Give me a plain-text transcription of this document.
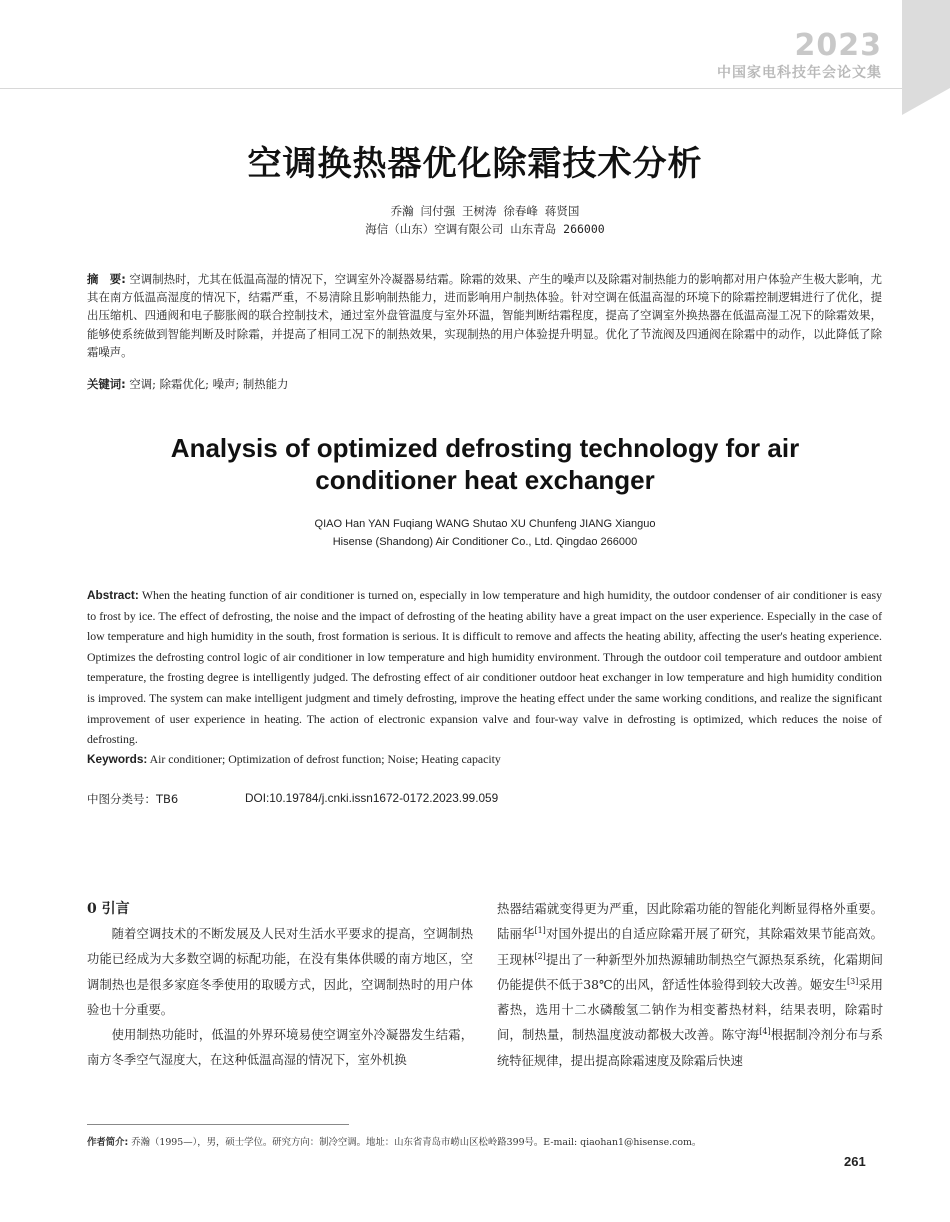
2023
中国家电科技年会论文集
空调换热器优化除霜技术分析
乔瀚 闫付强 王树涛 徐春峰 蒋贤国
海信（山东）空调有限公司 山东青岛 266000
摘　要: 空调制热时，尤其在低温高湿的情况下，空调室外冷凝器易结霜。除霜的效果、产生的噪声以及除霜对制热能力的影响都对用户体验产生极大影响，尤其在南方低温高湿度的情况下，结霜严重，不易清除且影响制热能力，进而影响用户制热体验。针对空调在低温高湿的环境下的除霜控制逻辑进行了优化，提出压缩机、四通阀和电子膨胀阀的联合控制技术，通过室外盘管温度与室外环温，智能判断结霜程度，提高了空调室外换热器在低温高湿工况下的除霜效果，能够使系统做到智能判断及时除霜，并提高了相同工况下的制热效果，实现制热的用户体验提升明显。优化了节流阀及四通阀在除霜中的动作，以此降低了除霜噪声。
关键词: 空调; 除霜优化; 噪声; 制热能力
Analysis of optimized defrosting technology for air
conditioner heat exchanger
QIAO Han YAN Fuqiang WANG Shutao XU Chunfeng JIANG Xianguo
Hisense (Shandong) Air Conditioner Co., Ltd. Qingdao 266000
Abstract: When the heating function of air conditioner is turned on, especially in low temperature and high humidity, the outdoor condenser of air conditioner is easy to frost by ice. The effect of defrosting, the noise and the impact of defrosting of the heating ability have a great impact on the user experience. Especially in the case of low temperature and high humidity in the south, frost formation is serious. It is difficult to remove and affects the heating ability, affecting the user's heating experience. Optimizes the defrosting control logic of air conditioner in low temperature and high humidity environment. Through the outdoor coil temperature and outdoor ambient temperature, the frosting degree is intelligently judged. The defrosting effect of air conditioner outdoor heat exchanger in low temperature and high humidity condition is improved. The system can make intelligent judgment and timely defrosting, improve the heating effect under the same working conditions, and realize the significant improvement of user experience in heating. The action of electronic expansion valve and four-way valve in defrosting is optimized, which reduces the noise of defrosting.
Keywords: Air conditioner; Optimization of defrost function; Noise; Heating capacity
中图分类号：TB6	DOI:10.19784/j.cnki.issn1672-0172.2023.99.059
0 引言

随着空调技术的不断发展及人民对生活水平要求的提高，空调制热功能已经成为大多数空调的标配功能，在没有集体供暖的南方地区，空调制热也是很多家庭冬季使用的取暖方式，因此，空调制热时的用户体验也十分重要。

使用制热功能时，低温的外界环境易使空调室外冷凝器发生结霜，南方冬季空气湿度大，在这种低温高湿的情况下，室外机换

热器结霜就变得更为严重，因此除霜功能的智能化判断显得格外重要。陆丽华[1]对国外提出的自适应除霜开展了研究，其除霜效果节能高效。王现林[2]提出了一种新型外加热源辅助制热空气源热泵系统，化霜期间仍能提供不低于38℃的出风，舒适性体验得到较大改善。姬安生[3]采用蓄热，选用十二水磷酸氢二钠作为相变蓄热材料，结果表明，除霜时间，制热量，制热温度波动都极大改善。陈守海[4]根据制冷剂分布与系统特征规律，提出提高除霜速度及除霜后快速

作者简介: 乔瀚（1995—），男，硕士学位。研究方向：制冷空调。地址：山东省青岛市崂山区松岭路399号。E-mail: qiaohan1@hisense.com。
261
